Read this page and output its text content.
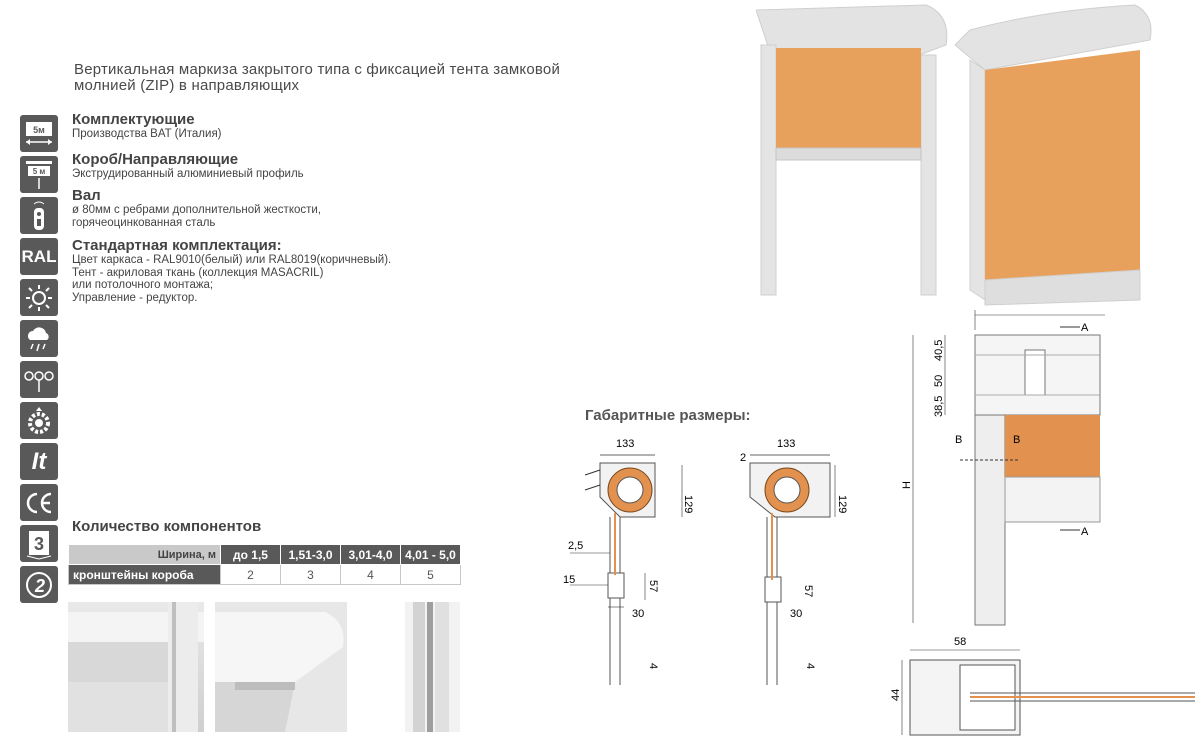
Вертикальная маркиза закрытого типа с фиксацией тента замковой молнией (ZIP) в направляющих
5м
5 м
RAL
It
3
2
Комплектующие

Производства BAT (Италия)

Короб/Направляющие

Экструдированный алюминиевый профиль

Вал

ø 80мм с ребрами дополнительной жесткости,

горячеоцинкованная сталь

Стандартная комплектация:

Цвет каркаса - RAL9010(белый) или RAL8019(коричневый).

Тент - акриловая ткань (коллекция MASACRIL)

или потолочного монтажа;

Управление - редуктор.

Количество компонентов
Ширина, м	до 1,5	1,51-3,0	3,01-4,0	4,01 - 5,0
кронштейны короба	2	3	4	5
Габаритные размеры:
133
129
2,5
15	57
30
4
133
2
129
57
30
4
A
A
B	B
40,5
50
38,5
H
58
44
